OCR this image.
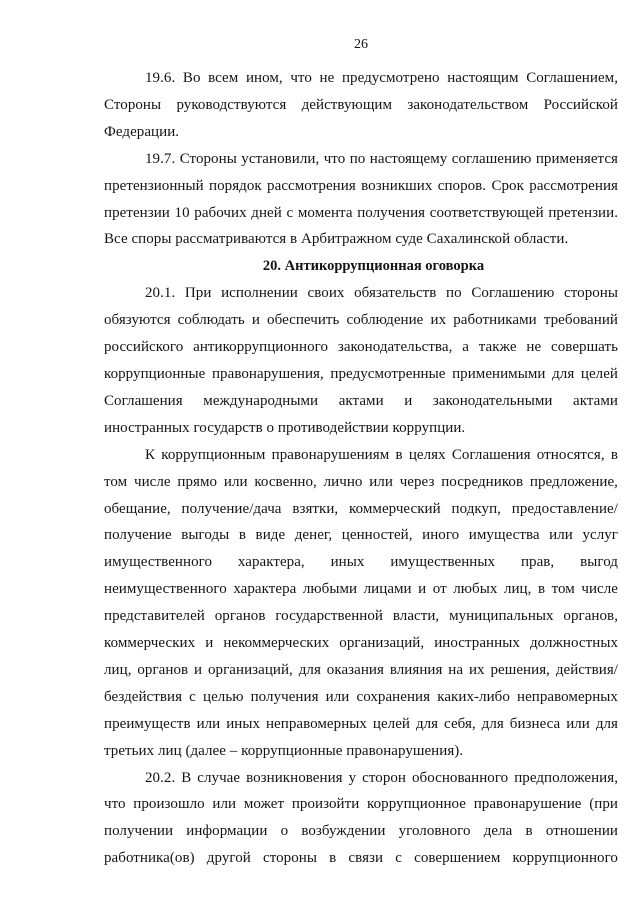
26

19.6. Во всем ином, что не предусмотрено настоящим Соглашением, Стороны руководствуются действующим законодательством Российской Федерации.

19.7. Стороны установили, что по настоящему соглашению применяется претензионный порядок рассмотрения возникших споров. Срок рассмотрения претензии 10 рабочих дней с момента получения соответствующей претензии. Все споры рассматриваются в Арбитражном суде Сахалинской области.

20. Антикоррупционная оговорка

20.1. При исполнении своих обязательств по Соглашению стороны обязуются соблюдать и обеспечить соблюдение их работниками требований российского антикоррупционного законодательства, а также не совершать коррупционные правонарушения, предусмотренные применимыми для целей Соглашения международными актами и законодательными актами иностранных государств о противодействии коррупции.

К коррупционным правонарушениям в целях Соглашения относятся, в том числе прямо или косвенно, лично или через посредников предложение, обещание, получение/дача взятки, коммерческий подкуп, предоставление/получение выгоды в виде денег, ценностей, иного имущества или услуг имущественного характера, иных имущественных прав, выгод неимущественного характера любыми лицами и от любых лиц, в том числе представителей органов государственной власти, муниципальных органов, коммерческих и некоммерческих организаций, иностранных должностных лиц, органов и организаций, для оказания влияния на их решения, действия/бездействия с целью получения или сохранения каких-либо неправомерных преимуществ или иных неправомерных целей для себя, для бизнеса или для третьих лиц (далее – коррупционные правонарушения).

20.2. В случае возникновения у сторон обоснованного предположения, что произошло или может произойти коррупционное правонарушение (при получении информации о возбуждении уголовного дела в отношении работника(ов) другой стороны в связи с совершением коррупционного
